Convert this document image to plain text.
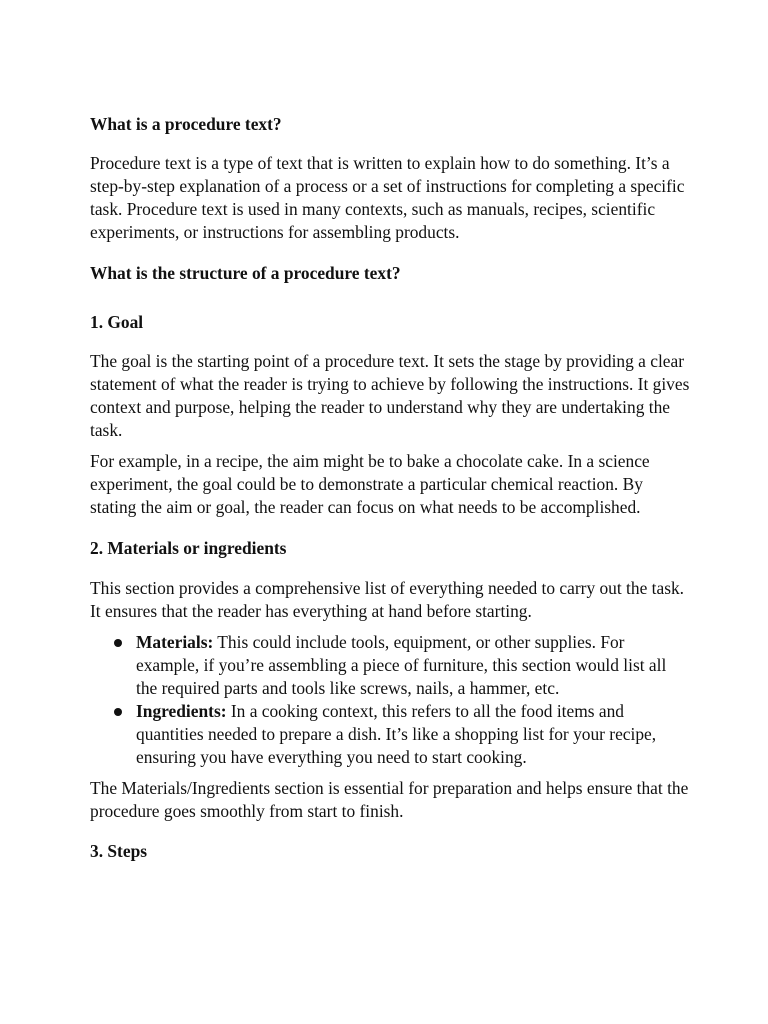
What is a procedure text?

Procedure text is a type of text that is written to explain how to do something. It’s a step-by-step explanation of a process or a set of instructions for completing a specific task. Procedure text is used in many contexts, such as manuals, recipes, scientific experiments, or instructions for assembling products.

What is the structure of a procedure text?

1. Goal

The goal is the starting point of a procedure text. It sets the stage by providing a clear statement of what the reader is trying to achieve by following the instructions. It gives context and purpose, helping the reader to understand why they are undertaking the task.

For example, in a recipe, the aim might be to bake a chocolate cake. In a science experiment, the goal could be to demonstrate a particular chemical reaction. By stating the aim or goal, the reader can focus on what needs to be accomplished.

2. Materials or ingredients

This section provides a comprehensive list of everything needed to carry out the task. It ensures that the reader has everything at hand before starting.

Materials: This could include tools, equipment, or other supplies. For example, if you’re assembling a piece of furniture, this section would list all the required parts and tools like screws, nails, a hammer, etc.
Ingredients: In a cooking context, this refers to all the food items and quantities needed to prepare a dish. It’s like a shopping list for your recipe, ensuring you have everything you need to start cooking.

The Materials/Ingredients section is essential for preparation and helps ensure that the procedure goes smoothly from start to finish.

3. Steps
